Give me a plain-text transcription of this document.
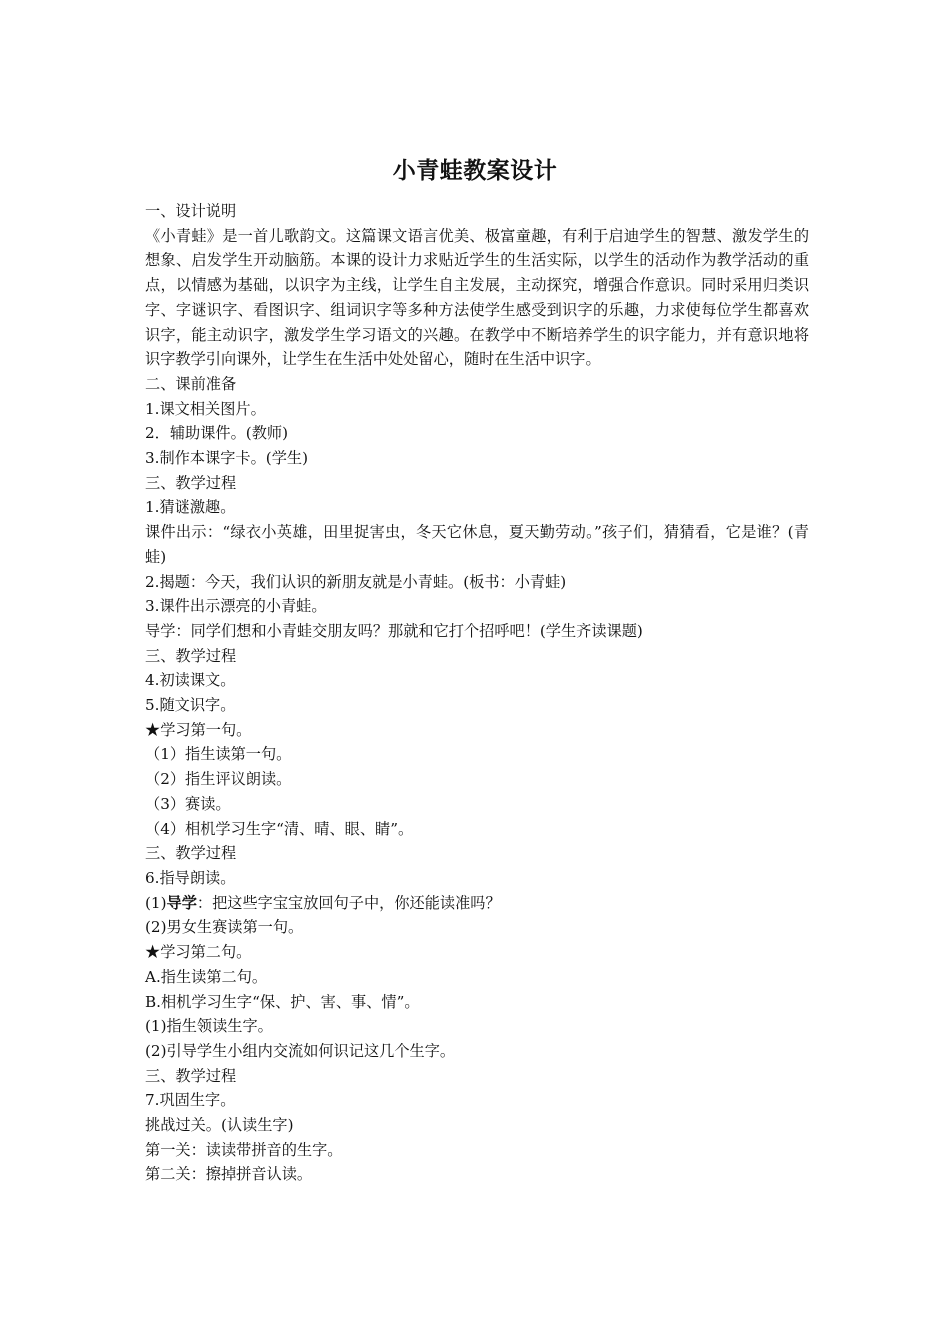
小青蛙教案设计

一、设计说明

《小青蛙》是一首儿歌韵文。这篇课文语言优美、极富童趣，有利于启迪学生的智慧、激发学生的想象、启发学生开动脑筋。本课的设计力求贴近学生的生活实际，以学生的活动作为教学活动的重点，以情感为基础，以识字为主线，让学生自主发展，主动探究，增强合作意识。同时采用归类识字、字谜识字、看图识字、组词识字等多种方法使学生感受到识字的乐趣，力求使每位学生都喜欢识字，能主动识字，激发学生学习语文的兴趣。在教学中不断培养学生的识字能力，并有意识地将识字教学引向课外，让学生在生活中处处留心，随时在生活中识字。

二、课前准备

1.课文相关图片。

2．辅助课件。(教师)

3.制作本课字卡。(学生)

三、教学过程

1.猜谜激趣。

课件出示：“绿衣小英雄，田里捉害虫，冬天它休息，夏天勤劳动。”孩子们，猜猜看，它是谁？(青蛙)

2.揭题：今天，我们认识的新朋友就是小青蛙。(板书：小青蛙)

3.课件出示漂亮的小青蛙。

导学：同学们想和小青蛙交朋友吗？那就和它打个招呼吧！(学生齐读课题)

三、教学过程

4.初读课文。

5.随文识字。

★学习第一句。

（1）指生读第一句。

（2）指生评议朗读。

（3）赛读。

（4）相机学习生字“清、晴、眼、睛”。

三、教学过程

6.指导朗读。

(1)导学：把这些字宝宝放回句子中，你还能读准吗？

(2)男女生赛读第一句。

★学习第二句。

A.指生读第二句。

B.相机学习生字“保、护、害、事、情”。

(1)指生领读生字。

(2)引导学生小组内交流如何识记这几个生字。

三、教学过程

7.巩固生字。

挑战过关。(认读生字)

第一关：读读带拼音的生字。

第二关：擦掉拼音认读。
